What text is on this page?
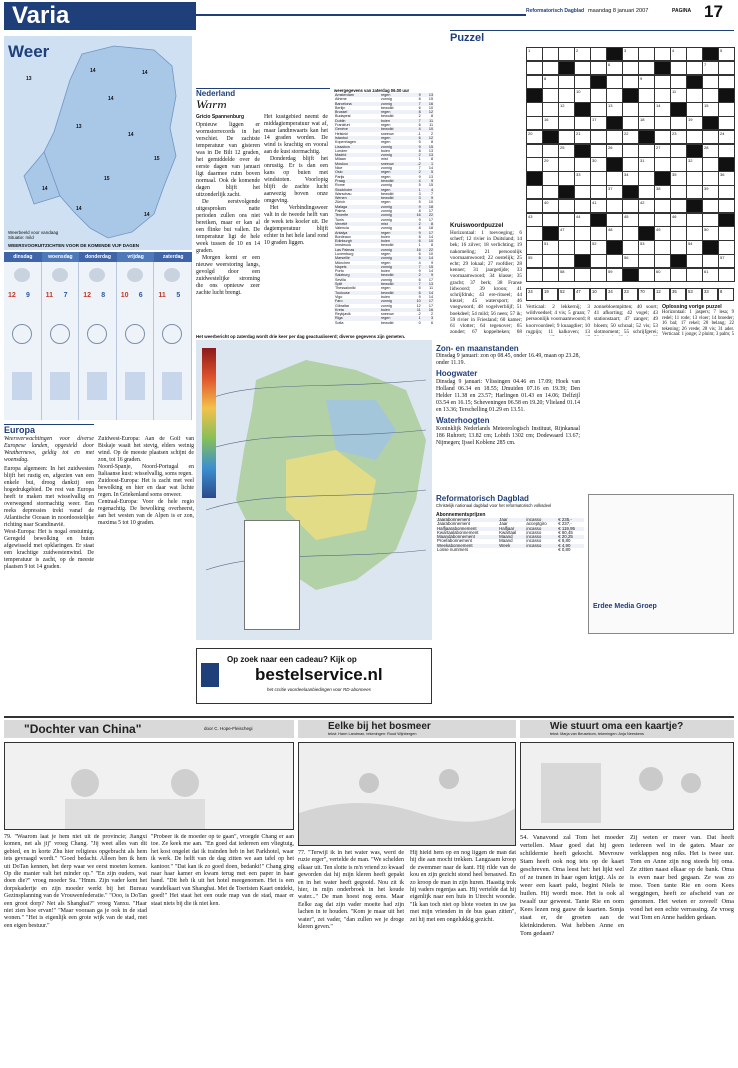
Varia	Reformatorisch Dagblad maandag 8 januari 2007	PAGINA 17
Weer
13
14	14
14
13
14
15
15
14
14
14
Weerbeeld voor vandaag
Situatie: mild
WEERSVOORUITZICHTEN VOOR DE KOMENDE VIJF DAGEN
dinsdag	woensdag	donderdag	vrijdag	zaterdag
12 9 11 7 12 8 10 6 11 5
Europa

Weersverwachtingen voor diverse Europese landen, opgesteld door Weathernews, geldig tot en met woensdag.

Europa algemeen: In het zuidwesten blijft het rustig en, afgezien van een enkele bui, droog dankzij een hogedrukgebied. De rest van Europa heeft te maken met wisselvallig en overwegend stormachtig weer. Een reeks depressies trekt vanaf de Atlantische Oceaan in noordoostelijke richting naar Scandinavië.

West-Europa: Het is nogal onstuimig. Geregeld bewolking en buien afgewisseld met opklaringen. Er staat een krachtige zuidwestenwind. De temperatuur is zacht, op de meeste plaatsen 9 tot 14 graden.

Zuidwest-Europa: Aan de Golf van Biskaje waait het stevig, elders weinig wind. Op de meeste plaatsen schijnt de zon, tot 16 graden.

Noord-Spanje, Noord-Portugal en Italiaanse kust: wisselvallig, soms regen.

Zuidoost-Europa: Het is zacht met veel bewolking en hier en daar wat lichte regen. In Griekenland soms onweer.

Centraal-Europa: Voor de hele regio regenachtig. De bewolking overheerst, aan het westen van de Alpen is er zon, maxima 5 tot 10 graden.

Nederland
Warm
Gricio Spannenburg

Opnieuw liggen er wormstorrecords in het verschiet. De zachtste temperatuur van gisteren was in De Bilt 12 graden, het gemiddelde over de eerste dagen van januari ligt daarmee ruim boven normaal. Ook de komende dagen blijft het uitzonderlijk zacht.

De eerstvolgende uitgesproken natte perioden zullen ons niet bereiken, maar er kan al een flinke bui vallen. De temperatuur ligt de hele week tussen de 10 en 14 graden.

Morgen komt er een nieuwe weerstoring langs, gevolgd door een zuidwestelijke stroming die ons opnieuw zeer zachte lucht brengt.

Het kustgebied neemt de middagtemperatuur wat af, maar landinwaarts kan het 14 graden worden. De wind is krachtig en vooral aan de kust stormachtig.

Donderdag blijft het onrustig. Er is dan een kans op buien met windstoten. Voorlopig blijft de zachte lucht aanwezig boven onze omgeving.

Het Verbindingsweer valt in de tweede helft van de week iets koeler uit. De dagtemperatuur blijft echter in het hele land rond 10 graden liggen.

weergegevens van zaterdag 06.00 uur
Amsterdam	regen	9	13
Athene	zonnig	8	15
Barcelona	zonnig	7	16
Berlijn	bewolkt	6	10
Brussel	regen	8	12
Budapest	bewolkt	2	8
Dublin	buien	7	11
Frankfurt	regen	6	11
Genève	bewolkt	4	10
Helsinki	sneeuw	-1	2
Istanbul	regen	6	12
Kopenhagen	regen	5	8
Lissabon	zonnig	9	15
Londen	buien	8	13
Madrid	zonnig	2	13
Milaan	mist	1	8
Moskou	sneeuw	-2	1
Nice	zonnig	7	14
Oslo	regen	2	5
Parijs	regen	9	13
Praag	bewolkt	4	9
Rome	zonnig	5	15
Stockholm	regen	1	4
Warschau	bewolkt	3	7
Wenen	bewolkt	3	9
Zürich	regen	5	10
Malaga	zonnig	9	18
Palma	zonnig	8	17
Tenerife	zonnig	16	22
Tunis	zonnig	9	17
Venetië	mist	2	8
Valencia	zonnig	8	18
Antalya	regen	9	17
Bordeaux	buien	8	14
Edinburgh	buien	6	10
Innsbruck	bewolkt	1	8
Las Palmas	zonnig	16	22
Luxemburg	regen	6	10
Marseille	zonnig	6	14
München	regen	4	9
Napels	zonnig	7	15
Porto	buien	9	14
Salzburg	bewolkt	2	9
Sevilla	zonnig	6	17
Split	bewolkt	7	13
Thessaloniki	regen	5	11
Toulouse	bewolkt	6	14
Vigo	buien	9	14
Faro	zonnig	10	17
Gibraltar	zonnig	12	17
Kreta	buien	11	16
Reykjavik	sneeuw	-2	2
Riga	regen	1	3
Sofia	bewolkt	0	6
Het weerbericht op zaterdag wordt drie keer per dag geactualiseerd; diverse gegevens zijn gemeten.
Puzzel
1	2	3	4	5
6	7
8	9
10	11
12	13	14	15
16	17	18	19
20	21	22	23	24
25	26	27	28
29	30	31	32
33	34	35	36
37	38	39
40	41	42
43	44	45	46
47	48	49	50
51	52	53	54
55	56	57
58	59	60	61
24	19	52	47	10	34	23	70	12	35	53	33	8
Kruiswoordpuzzel

Horizontaal: 1 toevoeging; 6 scherf; 12 rivier in Duitsland; 14 bek; 16 zilver; 18 verlichting; 19 nakomeling; 21 persoonlijk voornaamwoord; 22 oostelijk; 25 echt; 29 lokaal; 27 roofdier; 28 kenner; 31 jaargetijde; 33 voornaamwoord; 34 klasse; 35 gracht; 37 berk; 38 Franse lidwoord; 39 kroon; 41 schrijfdruk; 43 ere-ritueel; 44 kiezel; 45 watersport; 46 voegwoord; 48 vogelverblijf; 51 boekdeel; 54 mild; 56 neen; 57 ik; 59 rivier in Friesland; 60 kamer; 61 vlotter; 64 tegenover; 65 zonder; 67 koppelteken; 68

Verticaal: 2 lekkernij; 3 wildvoedsel; 4 vis; 5 graan; 7 persoonlijk voornaamwoord; 8 koorvoordeel; 9 knaagdier; 10 rugpijn; 11 kalkoven; 13 zonnebloempitten; 40 soort; 41 afkorting; 42 vogel; 43 stationstaart; 47 zanger; 49 bloem; 50 schraal; 52 vis; 53 slotmoment; 55 schrijfgerei;

Oplossing vorige puzzel

Horizontaal: 1 jaspers; 7 lesa; 9 redel; 11 rode; 13 vloer; 14 broeder; 16 bal; 17 rekel; 20 belang; 22 tekening; 26 vrede; 28 vis; 31 ader. Verticaal: 1 jonge; 2 pluim; 3 palm; 5

Zon- en maanstanden

Dinsdag 9 januari: zon op 08.45, onder 16.49, maan op 23.28, onder 11.19.

Hoogwater

Dinsdag 9 januari: Vlissingen 04.46 en 17.09; Hoek van Holland 06.34 en 18.55; IJmuiden 07.16 en 19.39; Den Helder 11.38 en 23.57; Harlingen 01.43 en 14.06; Delfzijl 03.54 en 16.15; Scheveningen 06.58 en 19.20; Vlieland 01.14 en 13.36; Terschelling 01.29 en 13.51.

Waterhoogten

Koninklijk Nederlands Meteorologisch Instituut, Rijnkanaal 186 Ruhrort; 13.82 cm; Lobith 1302 cm; Dodewaard 13.67; Nijmegen; Ijssel Koblenz 285 cm.

Reformatorisch Dagblad
Christelijk nationaal dagblad voor het reformatorisch volksdeel
Abonnementsprijzen
Jaarabonnement	Jaar	incasso	€ 235,-
Jaarabonnement	Jaar	acceptgiro	€ 237,-
Halfjaarabonnement	Halfjaar	incasso	€ 119,95
Kwartaalabonnement	Kwartaal	incasso	€ 60,45
Maandabonnement	Maand	incasso	€ 20,25
Proefabonnement	Maand	incasso	€ 9,80
Weekabonnement	Week	incasso	€ 4,90
Losse nummers			€ 0,80
Erdee Media Groep
Op zoek naar een cadeau? Kijk op
bestelservice.nl
het ccritie voordeelaanbiedingen voor RD-abonnees
"Dochter van China"	door C. Hope-Fleischegi

79. "Waarom laat je hem niet uit de provincie; Jiangxi komen, net als jij" vroeg Chang. "Jij weet alles van dit gebied, en in korte Zhu hier religieus opgebracht als hem iets gevraagd wordt." "Goed bedacht. Alleen ben ik hem uit DoTan kennen, het derp waar we eerst moeten komen. Op die manier valt het minder op." "En zijn ouders, wat doen die?" vroeg moeder Su. "Hmm. Zijn vader kent het dorpskadertje en zijn moeder werkt bij het Bureau Gezinsplanning van de Vrouwenfederatie." "Ooo, is DoTan een groot dorp? Net als Shanghai?" vroeg Yanxu. "Haar niet zien hoe ervan!" "Maar vooraan ga je ook in de stad wonen." "Het is eigenlijk een grote wijk van de stad, met een eigen bestuur."

"Probeer ik de moeder op te gaan", vroegde Chang er aan toe. Ze keek me aan. "En goed dat iedereen een vliegtuig, het kost ongelet dat ik trainden heb in het Parkhotel, waar ik werk. De helft van de dag zitten we aan tafel op het kantoor." "Dat kan ik zo goed doen, bedankt!" Chang ging naar haar kamer en kwam terug met een paper in haar hand. "Dit heb ik uit het hotel meegenomen. Het is een wandelkaart van Shanghai. Met de Toeristen Kaart ontdekt, goed!" Het staat het een oude map van de stad, maar er staat niets bij die ik niet ken.

Eelke bij het bosmeer
tekst: Harm Landman, tekeningen: Ruud Wijnbergen

77. "Terwijl ik in het water was, werd de ruzie erger", vertelde de man. "We schelden elkaar uit. Ten slotte is m'n vriend zo kwaad geworden dat hij mijn kleren heeft gepakt en in het water heeft gegooid. Nou zit ik hier, in mijn onderbroek in het koude water..." De man hoest nog eens. Maar Eelke zag dat zijn vader moeite had zijn lachen in te houden. "Kom je maar uit het water", zei vader, "dan zullen we je droge kleren geven."

Hij hield hem op en nog liggen de man dat hij die aan mocht trekken. Langzaam kroop de zwemmer naar de kant. Hij rilde van de kou en zijn gezicht stond heel benauwd. En zo kroop de man in zijn huren. Haastig trok hij vaders regenjas aan. Hij vertelde dat hij eigenlijk naar een huis in Utrecht woonde. "Ik kan toch niet op blote voeten in uw jas met mijn vrienden in de bus gaan zitten", zei hij met een ongelukkig gezicht.

Wie stuurt oma een kaartje?
tekst: Marja van Beusekom, tekeningen: Anja Neeskens

54. Vanavond zal Tom het moeder vertellen. Maar goed dat hij geen schildernie heeft gekocht. Mevrouw Stam heeft ook nog iets op de kaart geschreven. Oma leest het: het lijkt wel of ze tranen in haar ogen krijgt. Als ze weer een kaart pakt, begint Niels te huilen. Hij wordt moe. Het is ook al twaalf uur geweest. Tante Rie en oom Kees lezen nog gauw de kaarten. Sonja staat er, de groeten aan de kleinkinderen. Wat hebben Anne en Tom gedaan?

Zij weten er meer van. Dat heeft iedereen wel in de gaten. Maar ze verklappen nog niks. Het is twee uur. Tom en Anne zijn nog steeds bij oma. Ze zitten naast elkaar op de bank. Oma is even naar bed gegaan. Ze was zo moe. Toen tante Rie en oom Kees weggingen, heeft ze afscheid van ze genomen. Het weten er zoveel! Oma vond het een echte verrassing. Ze vroeg wat Tom en Anne hadden gedaan.
